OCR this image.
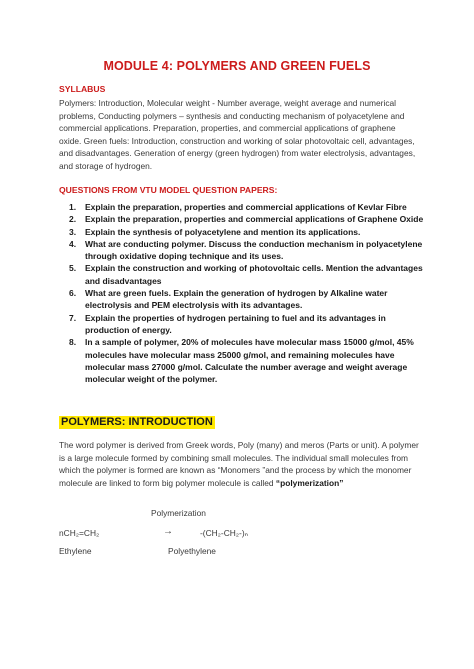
MODULE 4: POLYMERS AND GREEN FUELS
SYLLABUS
Polymers: Introduction, Molecular weight - Number average, weight average and numerical problems, Conducting polymers – synthesis and conducting mechanism of polyacetylene and commercial applications. Preparation, properties, and commercial applications of graphene oxide. Green fuels: Introduction, construction and working of solar photovoltaic cell, advantages, and disadvantages. Generation of energy (green hydrogen) from water electrolysis, advantages, and storage of hydrogen.
QUESTIONS FROM VTU MODEL QUESTION PAPERS:
1.	Explain the preparation, properties and commercial applications of Kevlar Fibre
2.	Explain the preparation, properties and commercial applications of Graphene Oxide
3.	Explain the synthesis of polyacetylene and mention its applications.
4.	What are conducting polymer. Discuss the conduction mechanism in polyacetylene through oxidative doping technique and its uses.
5.	Explain the construction and working of photovoltaic cells. Mention the advantages and disadvantages
6.	What are green fuels. Explain the generation of hydrogen by Alkaline water electrolysis and PEM electrolysis with its advantages.
7.	Explain the properties of hydrogen pertaining to fuel and its advantages in production of energy.
8.	In a sample of polymer, 20% of molecules have molecular mass 15000 g/mol, 45% molecules have molecular mass 25000 g/mol, and remaining molecules have molecular mass 27000 g/mol. Calculate the number average and weight average molecular weight of the polymer.
POLYMERS: INTRODUCTION
The word polymer is derived from Greek words, Poly (many) and meros (Parts or unit). A polymer is a large molecule formed by combining small molecules. The individual small molecules from which the polymer is formed are known as “Monomers ”and the process by which the monomer molecule are linked to form big polymer molecule is called “polymerization”
Polymerization
nCH₂=CH₂	→	-(CH₂-CH₂-)ₙ
Ethylene	Polyethylene
